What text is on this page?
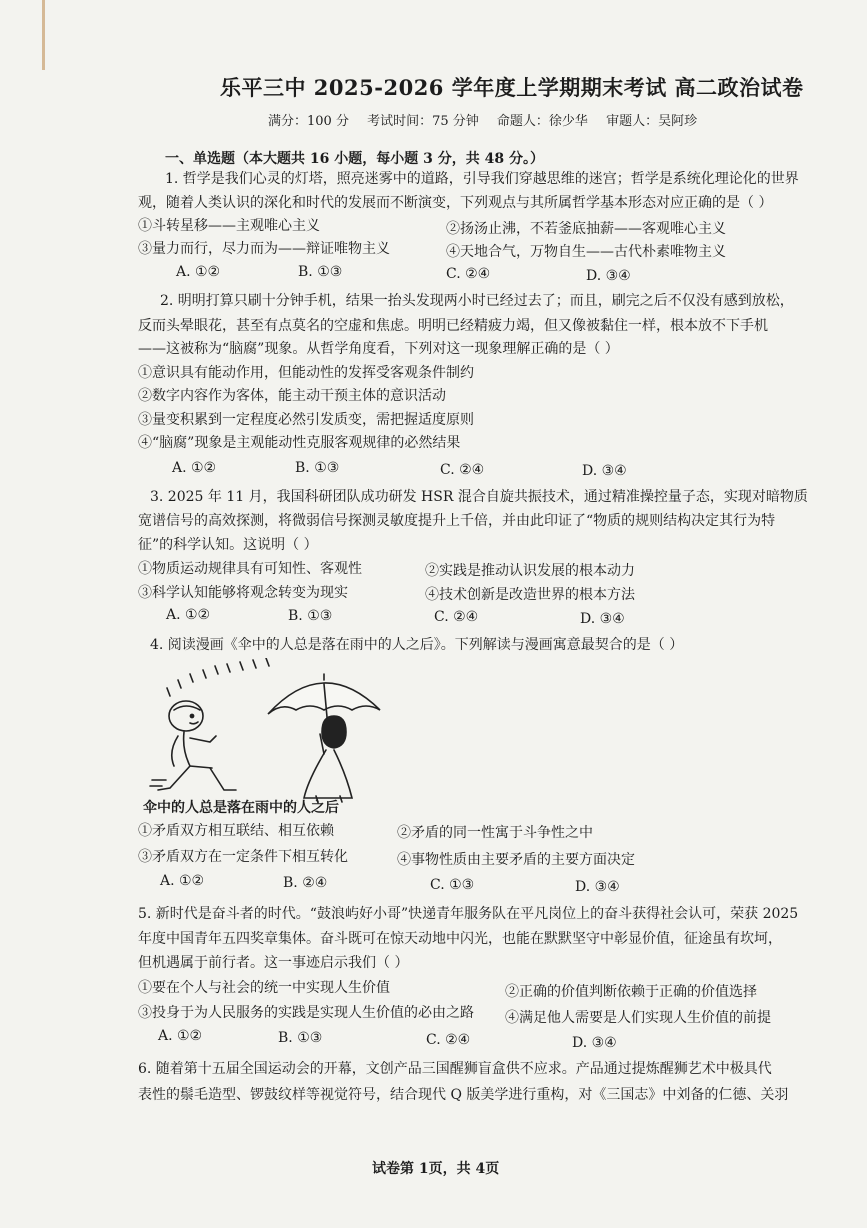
乐平三中 2025-2026 学年度上学期期末考试 高二政治试卷
满分：100 分 考试时间：75 分钟 命题人：徐少华 审题人：吴阿珍
一、单选题（本大题共 16 小题，每小题 3 分，共 48 分。）
1. 哲学是我们心灵的灯塔，照亮迷雾中的道路，引导我们穿越思维的迷宫；哲学是系统化理论化的世界
观，随着人类认识的深化和时代的发展而不断演变，下列观点与其所属哲学基本形态对应正确的是（ ）
①斗转星移——主观唯心主义	②扬汤止沸，不若釜底抽薪——客观唯心主义
③量力而行，尽力而为——辩证唯物主义	④天地合气，万物自生——古代朴素唯物主义
A. ①②	B. ①③	C. ②④	D. ③④
2. 明明打算只刷十分钟手机，结果一抬头发现两小时已经过去了；而且，刷完之后不仅没有感到放松，
反而头晕眼花，甚至有点莫名的空虚和焦虑。明明已经精疲力竭，但又像被黏住一样，根本放不下手机
——这被称为“脑腐”现象。从哲学角度看，下列对这一现象理解正确的是（ ）
①意识具有能动作用，但能动性的发挥受客观条件制约
②数字内容作为客体，能主动干预主体的意识活动
③量变积累到一定程度必然引发质变，需把握适度原则
④“脑腐”现象是主观能动性克服客观规律的必然结果
A. ①②	B. ①③	C. ②④	D. ③④
3. 2025 年 11 月，我国科研团队成功研发 HSR 混合自旋共振技术，通过精准操控量子态，实现对暗物质
宽谱信号的高效探测，将微弱信号探测灵敏度提升上千倍，并由此印证了“物质的规则结构决定其行为特
征”的科学认知。这说明（ ）
①物质运动规律具有可知性、客观性	②实践是推动认识发展的根本动力
③科学认知能够将观念转变为现实	④技术创新是改造世界的根本方法
A. ①②	B. ①③	C. ②④	D. ③④
4. 阅读漫画《伞中的人总是落在雨中的人之后》。下列解读与漫画寓意最契合的是（ ）
伞中的人总是落在雨中的人之后
①矛盾双方相互联结、相互依赖	②矛盾的同一性寓于斗争性之中
③矛盾双方在一定条件下相互转化	④事物性质由主要矛盾的主要方面决定
A. ①②	B. ②④	C. ①③	D. ③④
5. 新时代是奋斗者的时代。“鼓浪屿好小哥”快递青年服务队在平凡岗位上的奋斗获得社会认可，荣获 2025
年度中国青年五四奖章集体。奋斗既可在惊天动地中闪光，也能在默默坚守中彰显价值，征途虽有坎坷，
但机遇属于前行者。这一事迹启示我们（ ）
①要在个人与社会的统一中实现人生价值	②正确的价值判断依赖于正确的价值选择
③投身于为人民服务的实践是实现人生价值的必由之路 ④满足他人需要是人们实现人生价值的前提
A. ①②	B. ①③	C. ②④	D. ③④
6. 随着第十五届全国运动会的开幕，文创产品三国醒狮盲盒供不应求。产品通过提炼醒狮艺术中极具代
表性的鬃毛造型、锣鼓纹样等视觉符号，结合现代 Q 版美学进行重构，对《三国志》中刘备的仁德、关羽
试卷第 1页，共 4页
